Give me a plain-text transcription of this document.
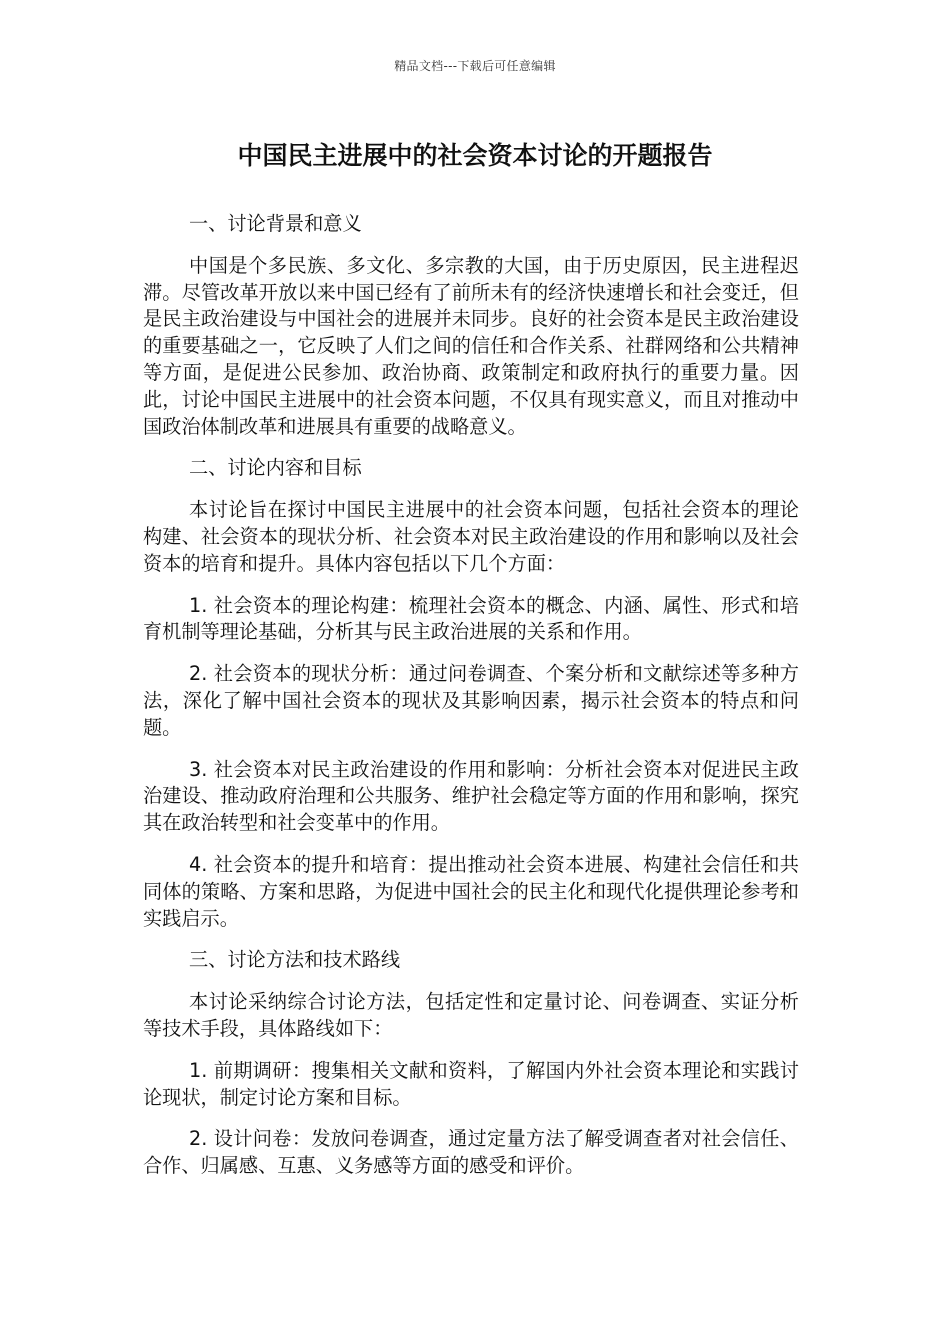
精品文档---下载后可任意编辑
中国民主进展中的社会资本讨论的开题报告

一、讨论背景和意义

中国是个多民族、多文化、多宗教的大国，由于历史原因，民主进程迟滞。尽管改革开放以来中国已经有了前所未有的经济快速增长和社会变迁，但是民主政治建设与中国社会的进展并未同步。良好的社会资本是民主政治建设的重要基础之一，它反映了人们之间的信任和合作关系、社群网络和公共精神等方面，是促进公民参加、政治协商、政策制定和政府执行的重要力量。因此，讨论中国民主进展中的社会资本问题，不仅具有现实意义，而且对推动中国政治体制改革和进展具有重要的战略意义。

二、讨论内容和目标

本讨论旨在探讨中国民主进展中的社会资本问题，包括社会资本的理论构建、社会资本的现状分析、社会资本对民主政治建设的作用和影响以及社会资本的培育和提升。具体内容包括以下几个方面：

1. 社会资本的理论构建：梳理社会资本的概念、内涵、属性、形式和培育机制等理论基础，分析其与民主政治进展的关系和作用。

2. 社会资本的现状分析：通过问卷调查、个案分析和文献综述等多种方法，深化了解中国社会资本的现状及其影响因素，揭示社会资本的特点和问题。

3. 社会资本对民主政治建设的作用和影响：分析社会资本对促进民主政治建设、推动政府治理和公共服务、维护社会稳定等方面的作用和影响，探究其在政治转型和社会变革中的作用。

4. 社会资本的提升和培育：提出推动社会资本进展、构建社会信任和共同体的策略、方案和思路，为促进中国社会的民主化和现代化提供理论参考和实践启示。

三、讨论方法和技术路线

本讨论采纳综合讨论方法，包括定性和定量讨论、问卷调查、实证分析等技术手段，具体路线如下：

1. 前期调研：搜集相关文献和资料，了解国内外社会资本理论和实践讨论现状，制定讨论方案和目标。

2. 设计问卷：发放问卷调查，通过定量方法了解受调查者对社会信任、合作、归属感、互惠、义务感等方面的感受和评价。
